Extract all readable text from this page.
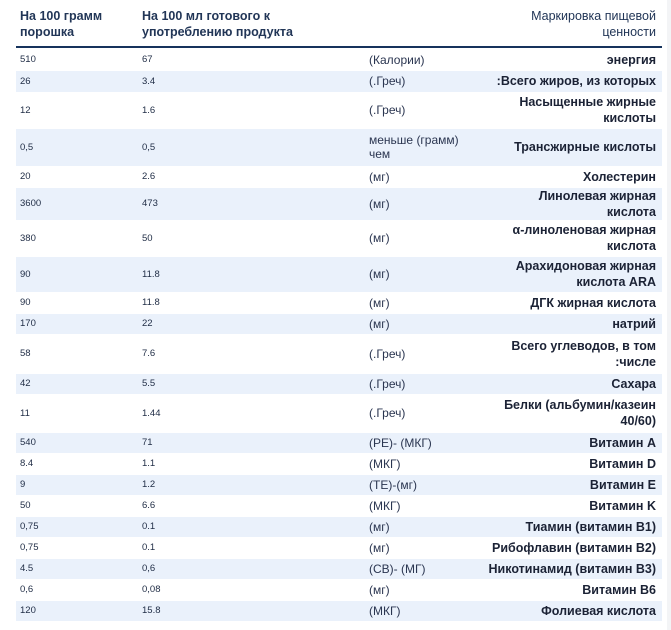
На 100 грамм порошка	На 100 мл готового к употреблению продукта		Маркировка пищевой ценности

510	67	(Калории)	энергия
26	3.4	(.Греч)	:Всего жиров, из которых
12	1.6	(.Греч)	Насыщенные жирные кислоты
0,5	0,5	меньше (грамм) чем	Трансжирные кислоты
20	2.6	(мг)	Холестерин
3600	473	(мг)	Линолевая жирная кислота
380	50	(мг)	α-линоленовая жирная кислота
90	11.8	(мг)	Арахидоновая жирная кислота ARA
90	11.8	(мг)	ДГК жирная кислота
170	22	(мг)	натрий
58	7.6	(.Греч)	Всего углеводов, в том :числе
42	5.5	(.Греч)	Сахара
11	1.44	(.Греч)	Белки (альбумин/казеин 40/60)
540	71	(РЕ)- (МКГ)	Витамин А
8.4	1.1	(МКГ)	Витамин D
9	1.2	(ТЕ)-(мг)	Витамин E
50	6.6	(МКГ)	Витамин K
0,75	0.1	(мг)	Тиамин (витамин B1)
0,75	0.1	(мг)	Рибофлавин (витамин B2)
4.5	0,6	(СВ)- (МГ)	Никотинамид (витамин B3)
0,6	0,08	(мг)	Витамин B6
120	15.8	(МКГ)	Фолиевая кислота
